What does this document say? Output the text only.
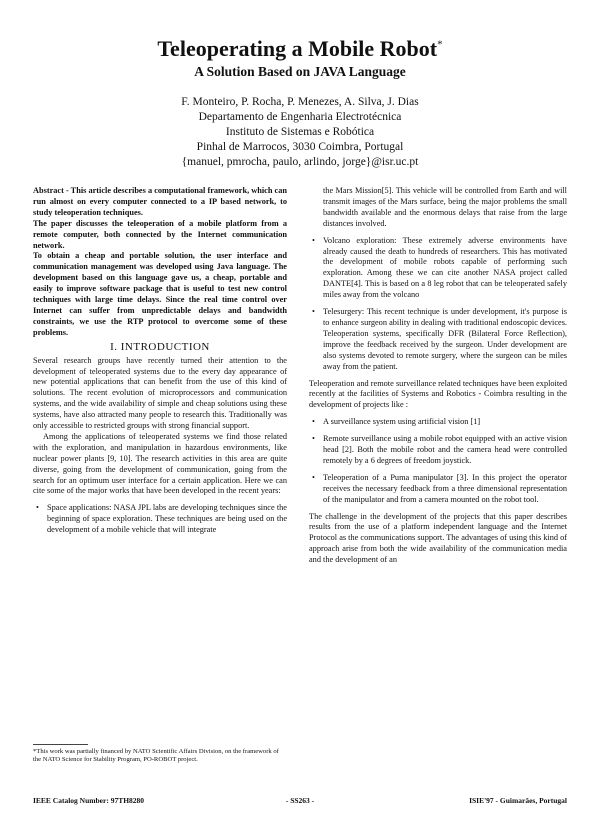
Teleoperating a Mobile Robot*
A Solution Based on JAVA Language
F. Monteiro, P. Rocha, P. Menezes, A. Silva, J. Dias
Departamento de Engenharia Electrotécnica
Instituto de Sistemas e Robótica
Pinhal de Marrocos, 3030 Coimbra, Portugal
{manuel, pmrocha, paulo, arlindo, jorge}@isr.uc.pt

Abstract - This article describes a computational framework, which can run almost on every computer connected to a IP based network, to study teleoperation techniques.

The paper discusses the teleoperation of a mobile platform from a remote computer, both connected by the Internet communication network.

To obtain a cheap and portable solution, the user interface and communication management was developed using Java language. The development based on this language gave us, a cheap, portable and easily to improve software package that is useful to test new control techniques with large time delays. Since the real time control over Internet can suffer from unpredictable delays and bandwidth constraints, we use the RTP protocol to overcome some of these problems.

I. INTRODUCTION

Several research groups have recently turned their attention to the development of teleoperated systems due to the every day appearance of new potential applications that can benefit from the use of this kind of solutions. The recent evolution of microprocessors and communication systems, and the wide availability of simple and cheap solutions using these systems, have also attracted many people to research this. Traditionally was only accessible to restricted groups with strong financial support.

Among the applications of teleoperated systems we find those related with the exploration, and manipulation in hazardous environments, like nuclear power plants [9, 10]. The research activities in this area are quite diverse, going from the development of communication, going from the search for an optimum user interface for a certain application. Here we can cite some of the major works that have been developed in the recent years:

• Space applications: NASA JPL labs are developing techniques since the beginning of space exploration. These techniques are being used on the development of a mobile vehicle that will integrate
*This work was partially financed by NATO Scientific Affairs Division, on the framework of the NATO Science for Stability Program, PO-ROBOT project.

the Mars Mission[5]. This vehicle will be controlled from Earth and will transmit images of the Mars surface, being the major problems the small bandwidth available and the enormous delays that raise from the large distances involved.

• Volcano exploration: These extremely adverse environments have already caused the death to hundreds of researchers. This has motivated the development of mobile robots capable of performing such exploration. Among these we can cite another NASA project called DANTE[4]. This is based on a 8 leg robot that can be teleoperated safely miles away from the volcano
• Telesurgery: This recent technique is under development, it's purpose is to enhance surgeon ability in dealing with traditional endoscopic devices. Teleoperation systems, specifically DFR (Bilateral Force Reflection), improve the feedback received by the surgeon. Under development are also systems devoted to remote surgery, where the surgeon can be miles away from the patient.

Teleoperation and remote surveillance related techniques have been exploited recently at the facilities of Systems and Robotics - Coimbra resulting in the development of projects like :

• A surveillance system using artificial vision [1]
• Remote surveillance using a mobile robot equipped with an active vision head [2]. Both the mobile robot and the camera head were controlled remotely by a 6 degrees of freedom joystick.
• Teleoperation of a Puma manipulator [3]. In this project the operator receives the necessary feedback from a three dimensional representation of the manipulator and from a camera mounted on the robot tool.

The challenge in the development of the projects that this paper describes results from the use of a platform independent language and the Internet Protocol as the communications support. The advantages of using this kind of approach arise from both the wide availability of the communication media and the development of an

IEEE Catalog Number: 97TH8280	- SS263 -	ISIE'97 - Guimarães, Portugal
